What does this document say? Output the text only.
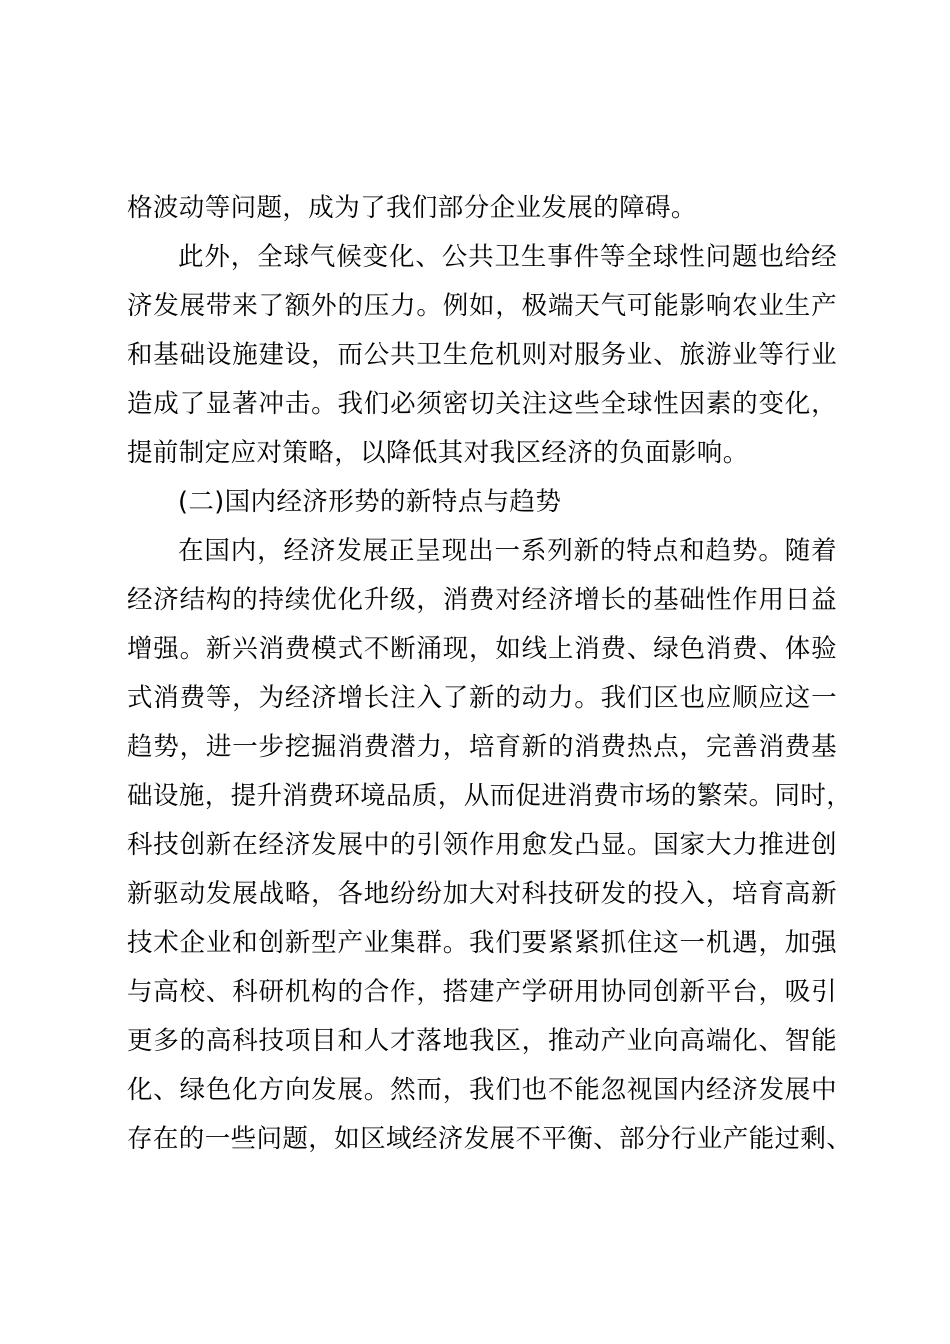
格波动等问题，成为了我们部分企业发展的障碍。
此外，全球气候变化、公共卫生事件等全球性问题也给经
济发展带来了额外的压力。例如，极端天气可能影响农业生产
和基础设施建设，而公共卫生危机则对服务业、旅游业等行业
造成了显著冲击。我们必须密切关注这些全球性因素的变化，
提前制定应对策略，以降低其对我区经济的负面影响。
(二)国内经济形势的新特点与趋势
在国内，经济发展正呈现出一系列新的特点和趋势。随着
经济结构的持续优化升级，消费对经济增长的基础性作用日益
增强。新兴消费模式不断涌现，如线上消费、绿色消费、体验
式消费等，为经济增长注入了新的动力。我们区也应顺应这一
趋势，进一步挖掘消费潜力，培育新的消费热点，完善消费基
础设施，提升消费环境品质，从而促进消费市场的繁荣。同时，
科技创新在经济发展中的引领作用愈发凸显。国家大力推进创
新驱动发展战略，各地纷纷加大对科技研发的投入，培育高新
技术企业和创新型产业集群。我们要紧紧抓住这一机遇，加强
与高校、科研机构的合作，搭建产学研用协同创新平台，吸引
更多的高科技项目和人才落地我区，推动产业向高端化、智能
化、绿色化方向发展。然而，我们也不能忽视国内经济发展中
存在的一些问题，如区域经济发展不平衡、部分行业产能过剩、
